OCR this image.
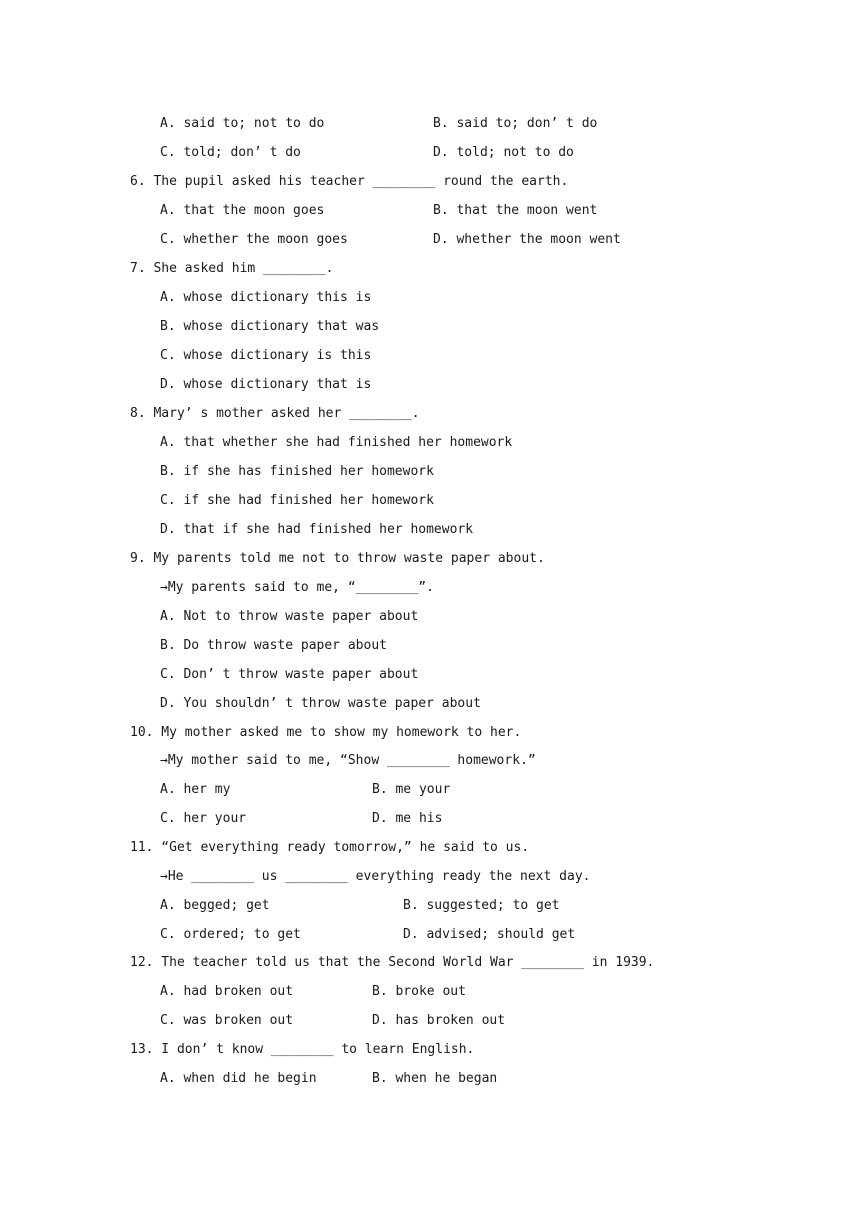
A. said to; not to do	B. said to; don’ t do
C. told; don’ t do	D. told; not to do
6. The pupil asked his teacher ________ round the earth.
A. that the moon goes	B. that the moon went
C. whether the moon goes	D. whether the moon went
7. She asked him ________.
A. whose dictionary this is
B. whose dictionary that was
C. whose dictionary is this
D. whose dictionary that is
8. Mary’ s mother asked her ________.
A. that whether she had finished her homework
B. if she has finished her homework
C. if she had finished her homework
D. that if she had finished her homework
9. My parents told me not to throw waste paper about.
→My parents said to me, “________”.
A. Not to throw waste paper about
B. Do throw waste paper about
C. Don’ t throw waste paper about
D. You shouldn’ t throw waste paper about
10. My mother asked me to show my homework to her.
→My mother said to me, “Show ________ homework.”
A. her my	B. me your
C. her your	D. me his
11. “Get everything ready tomorrow,” he said to us.
→He ________ us ________ everything ready the next day.
A. begged; get	B. suggested; to get
C. ordered; to get	D. advised; should get
12. The teacher told us that the Second World War ________ in 1939.
A. had broken out	B. broke out
C. was broken out	D. has broken out
13. I don’ t know ________ to learn English.
A. when did he begin	B. when he began
